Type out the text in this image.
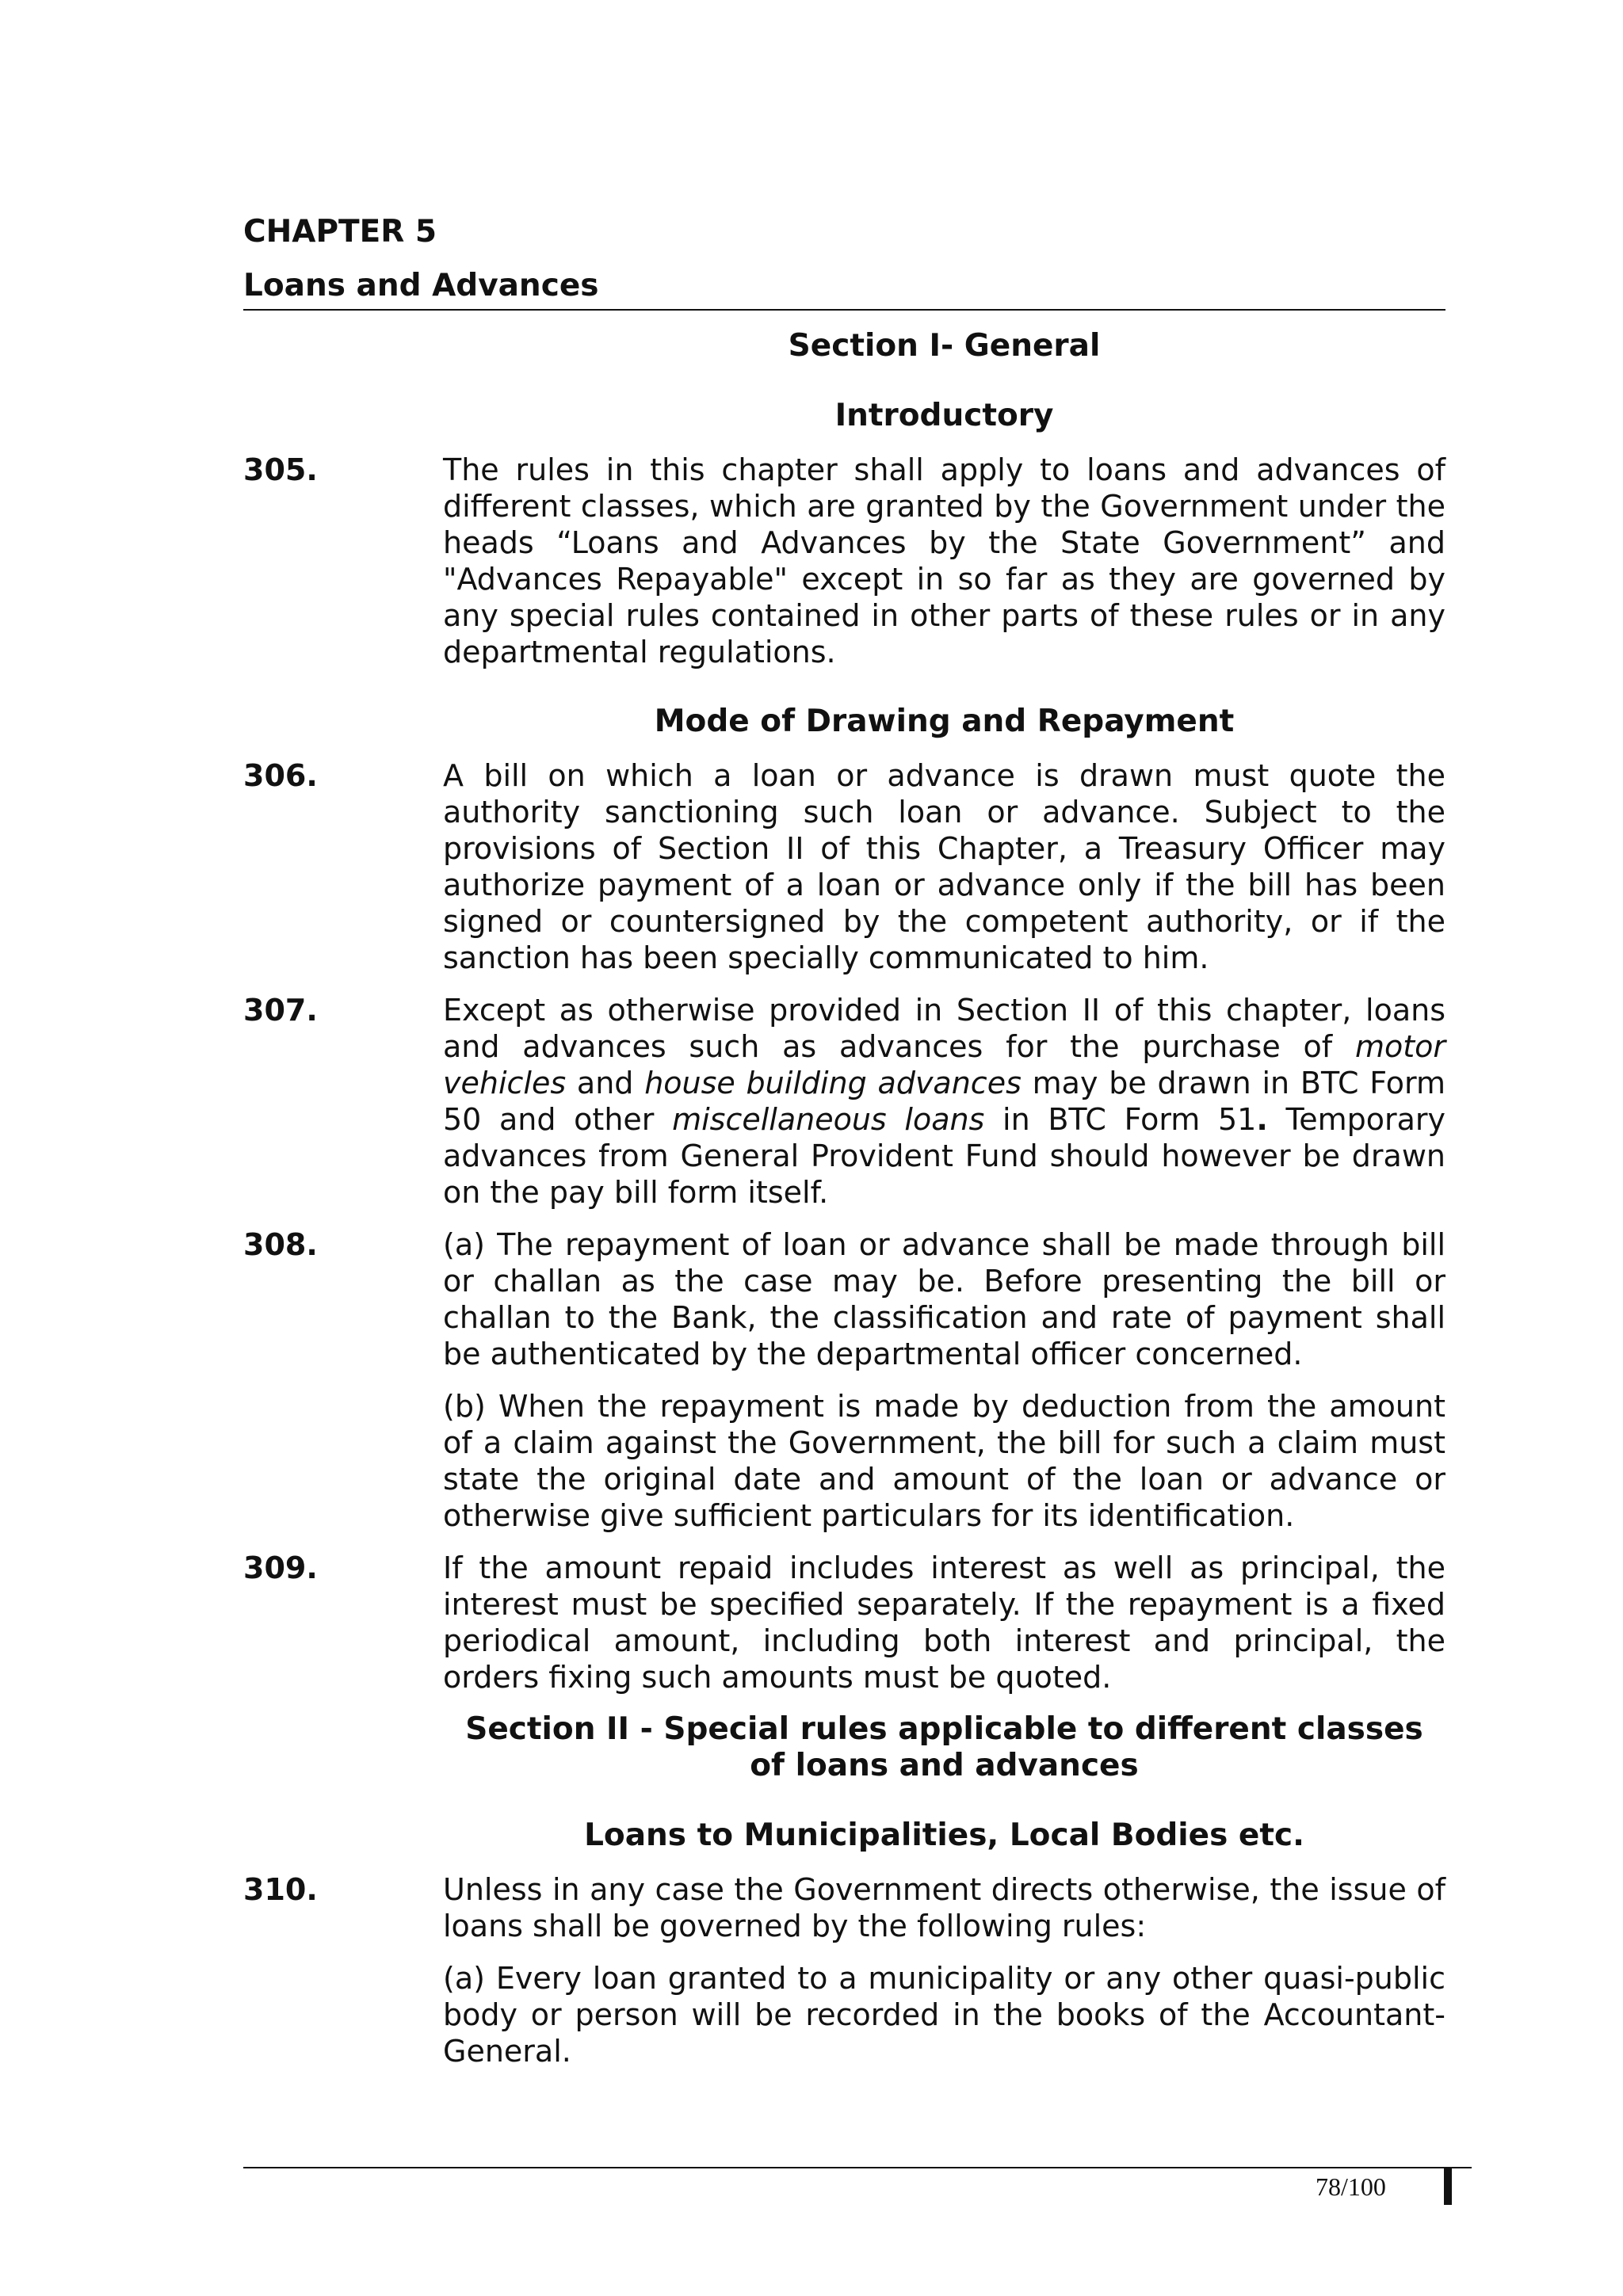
CHAPTER 5
Loans and Advances
Section I- General
Introductory
305.	The rules in this chapter shall apply to loans and advances of different classes, which are granted by the Government under the heads “Loans and Advances by the State Government” and "Advances Repayable" except in so far as they are governed by any special rules contained in other parts of these rules or in any departmental regulations.
Mode of Drawing and Repayment
306.	A bill on which a loan or advance is drawn must quote the authority sanctioning such loan or advance. Subject to the provisions of Section II of this Chapter, a Treasury Officer may authorize payment of a loan or advance only if the bill has been signed or countersigned by the competent authority, or if the sanction has been specially communicated to him.
307.	Except as otherwise provided in Section II of this chapter, loans and advances such as advances for the purchase of motor vehicles and house building advances may be drawn in BTC Form 50 and other miscellaneous loans in BTC Form 51. Temporary advances from General Provident Fund should however be drawn on the pay bill form itself.
308.	(a) The repayment of loan or advance shall be made through bill or challan as the case may be. Before presenting the bill or challan to the Bank, the classification and rate of payment shall be authenticated by the departmental officer concerned.
(b) When the repayment is made by deduction from the amount of a claim against the Government, the bill for such a claim must state the original date and amount of the loan or advance or otherwise give sufficient particulars for its identification.
309.	If the amount repaid includes interest as well as principal, the interest must be specified separately. If the repayment is a fixed periodical amount, including both interest and principal, the orders fixing such amounts must be quoted.
Section II - Special rules applicable to different classes of loans and advances
Loans to Municipalities, Local Bodies etc.
310.	Unless in any case the Government directs otherwise, the issue of loans shall be governed by the following rules:
(a) Every loan granted to a municipality or any other quasi-public body or person will be recorded in the books of the Accountant-General.
78/100
